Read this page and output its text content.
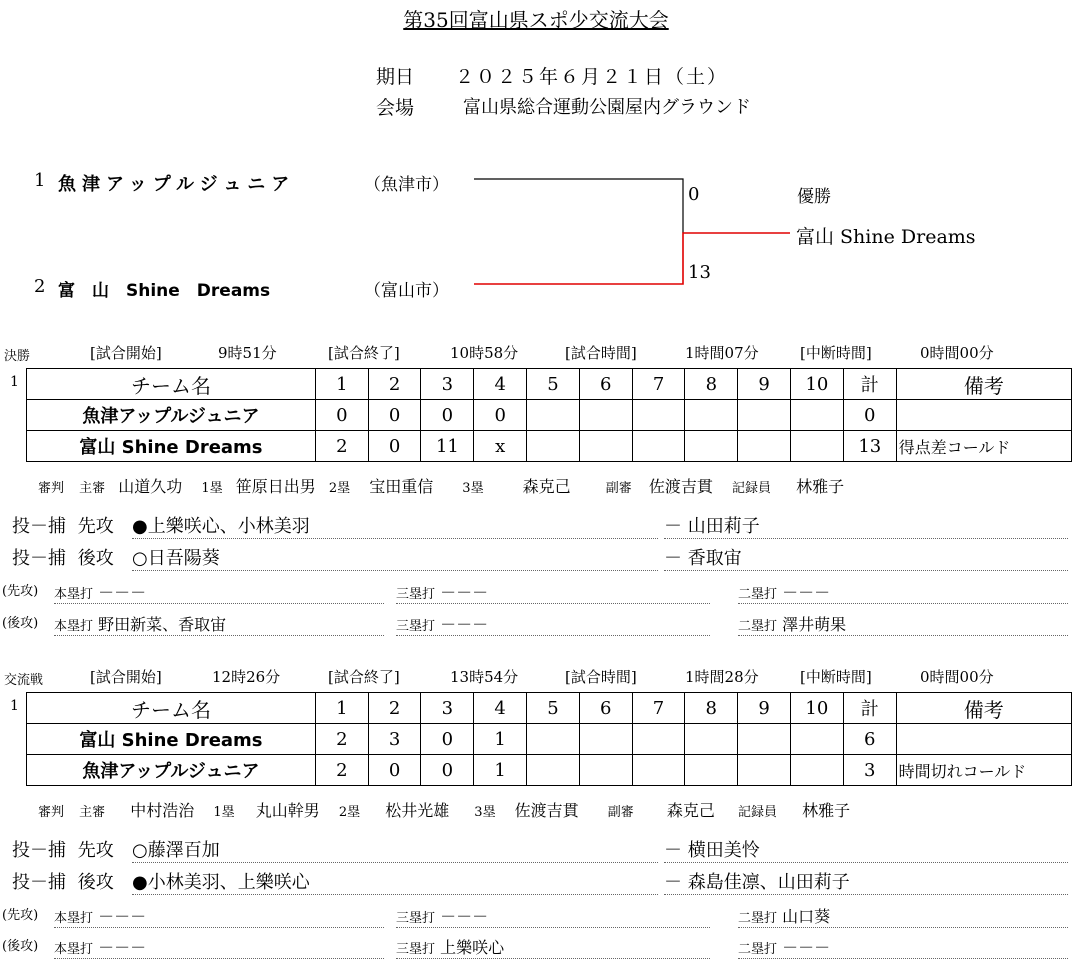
第35回富山県スポ少交流大会
期日 ２０２５年６月２１日（土）
会場	富山県総合運動公園屋内グラウンド
1 魚津アップルジュニア	（魚津市）
2 富　山　Shine　Dreams	（富山市）
0
13
優勝
富山 Shine Dreams
決勝	[試合開始]	9時51分	[試合終了]	10時58分	[試合時間]	1時間07分	[中断時間]	0時間00分
1	チーム名	1	2	3	4	5	6	7	8	9	10	計	備考
魚津アップルジュニア	0	0	0	0							0	
富山 Shine Dreams	2	0	11	x							13	得点差コールド
審判 主審 山道久功 1塁 笹原日出男 2塁 宝田重信 3塁 森克己	副審 佐渡吉貫 記録員 林雅子
投－捕 先攻 ●上樂咲心、小林美羽	－ 山田莉子
投－捕 後攻 ○日吾陽葵	－ 香取宙
(先攻) 本塁打 －－－	三塁打 －－－	二塁打 －－－
(後攻) 本塁打 野田新菜、香取宙	三塁打 －－－	二塁打 澤井萌果
交流戦	[試合開始]	12時26分	[試合終了]	13時54分	[試合時間]	1時間28分	[中断時間]	0時間00分
1	チーム名	1	2	3	4	5	6	7	8	9	10	計	備考
富山 Shine Dreams	2	3	0	1							6	
魚津アップルジュニア	2	0	0	1							3	時間切れコールド
審判 主審 中村浩治 1塁 丸山幹男 2塁 松井光雄 3塁 佐渡吉貫 副審 森克己 記録員 林雅子
投－捕 先攻 ○藤澤百加	－ 横田美怜
投－捕 後攻 ●小林美羽、上樂咲心	－ 森島佳凛、山田莉子
(先攻) 本塁打 －－－	三塁打 －－－	二塁打 山口葵
(後攻) 本塁打 －－－	三塁打 上樂咲心	二塁打 －－－
